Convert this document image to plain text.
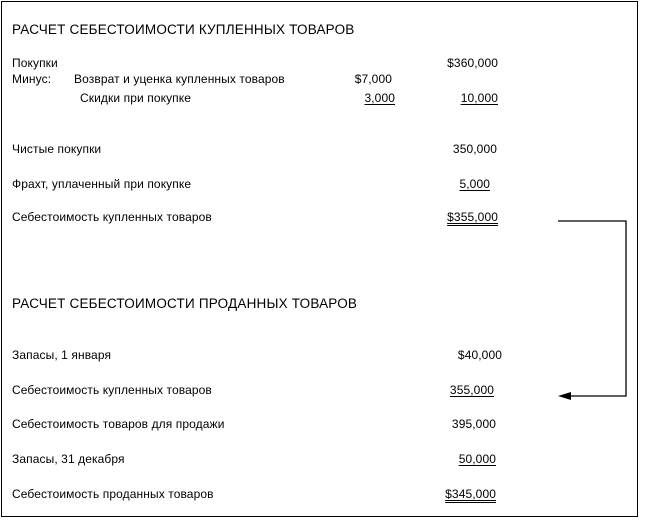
РАСЧЕТ СЕБЕСТОИМОСТИ КУПЛЕННЫХ ТОВАРОВ
Покупки	$360,000
Минус: Возврат и уценка купленных товаров	$7,000
Скидки при покупке	3,000	10,000
Чистые покупки	350,000
Фрахт, уплаченный при покупке	5,000
Себестоимость купленных товаров	$355,000
РАСЧЕТ СЕБЕСТОИМОСТИ ПРОДАННЫХ ТОВАРОВ
Запасы, 1 января	$40,000
Себестоимость купленных товаров	355,000
Себестоимость товаров для продажи	395,000
Запасы, 31 декабря	50,000
Себестоимость проданных товаров	$345,000
